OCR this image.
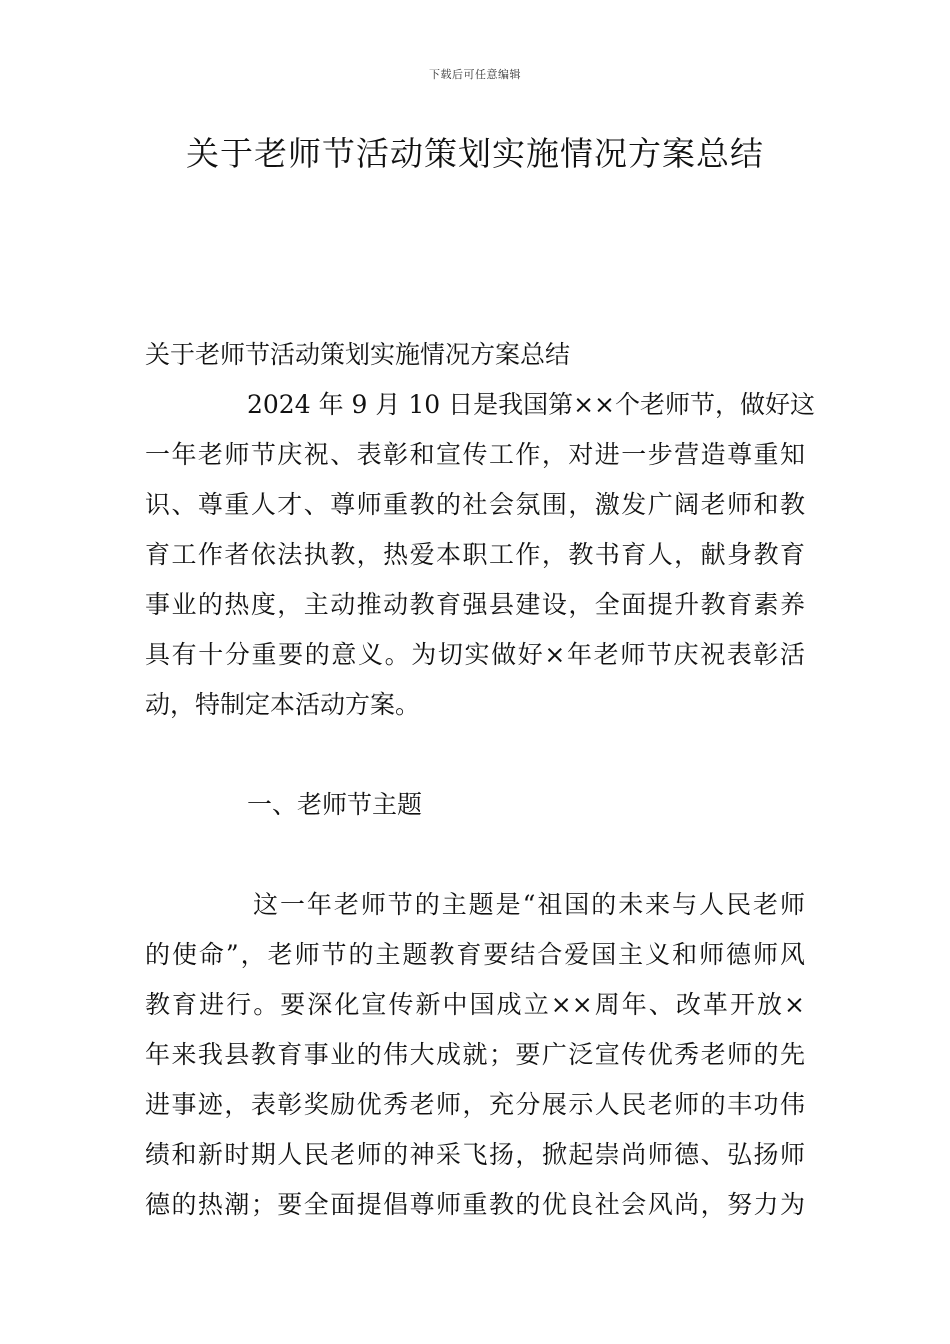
下载后可任意编辑
关于老师节活动策划实施情况方案总结
关于老师节活动策划实施情况方案总结
2024 年 9 月 10 日是我国第××个老师节，做好这
一年老师节庆祝、表彰和宣传工作，对进一步营造尊重知
识、尊重人才、尊师重教的社会氛围，激发广阔老师和教
育工作者依法执教，热爱本职工作，教书育人，献身教育
事业的热度，主动推动教育强县建设，全面提升教育素养
具有十分重要的意义。为切实做好×年老师节庆祝表彰活
动，特制定本活动方案。
一、老师节主题
这一年老师节的主题是“祖国的未来与人民老师
的使命”，老师节的主题教育要结合爱国主义和师德师风
教育进行。要深化宣传新中国成立××周年、改革开放×
年来我县教育事业的伟大成就；要广泛宣传优秀老师的先
进事迹，表彰奖励优秀老师，充分展示人民老师的丰功伟
绩和新时期人民老师的神采飞扬，掀起崇尚师德、弘扬师
德的热潮；要全面提倡尊师重教的优良社会风尚，努力为
